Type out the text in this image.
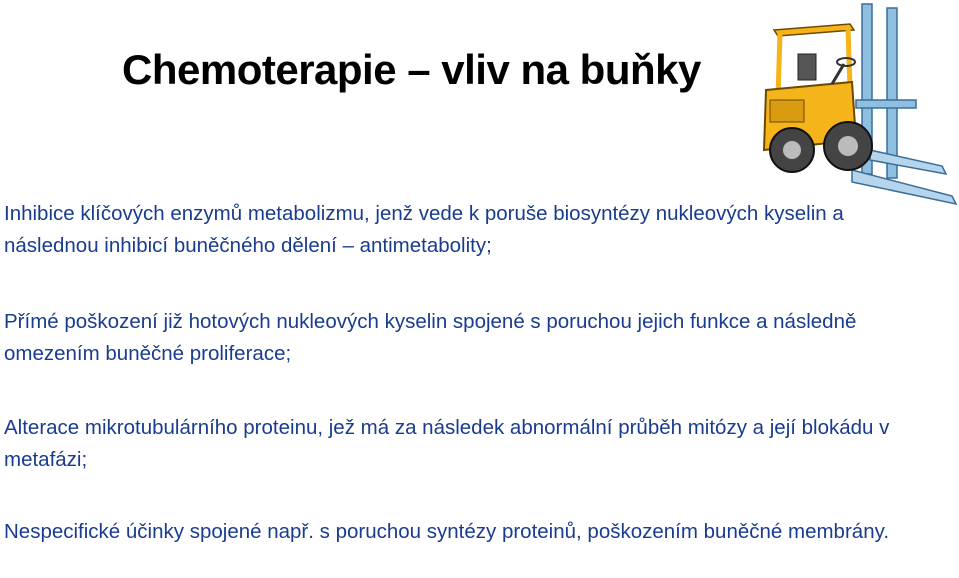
Chemoterapie – vliv na buňky
Inhibice klíčových enzymů metabolizmu, jenž vede k poruše biosyntézy nukleových kyselin a následnou inhibicí buněčného dělení – antimetabolity;
Přímé poškození již hotových nukleových kyselin spojené s poruchou jejich funkce a následně omezením buněčné proliferace;
Alterace mikrotubulárního proteinu, jež má za následek abnormální průběh mitózy a její blokádu v metafázi;
Nespecifické účinky spojené např. s poruchou syntézy proteinů, poškozením buněčné membrány.
